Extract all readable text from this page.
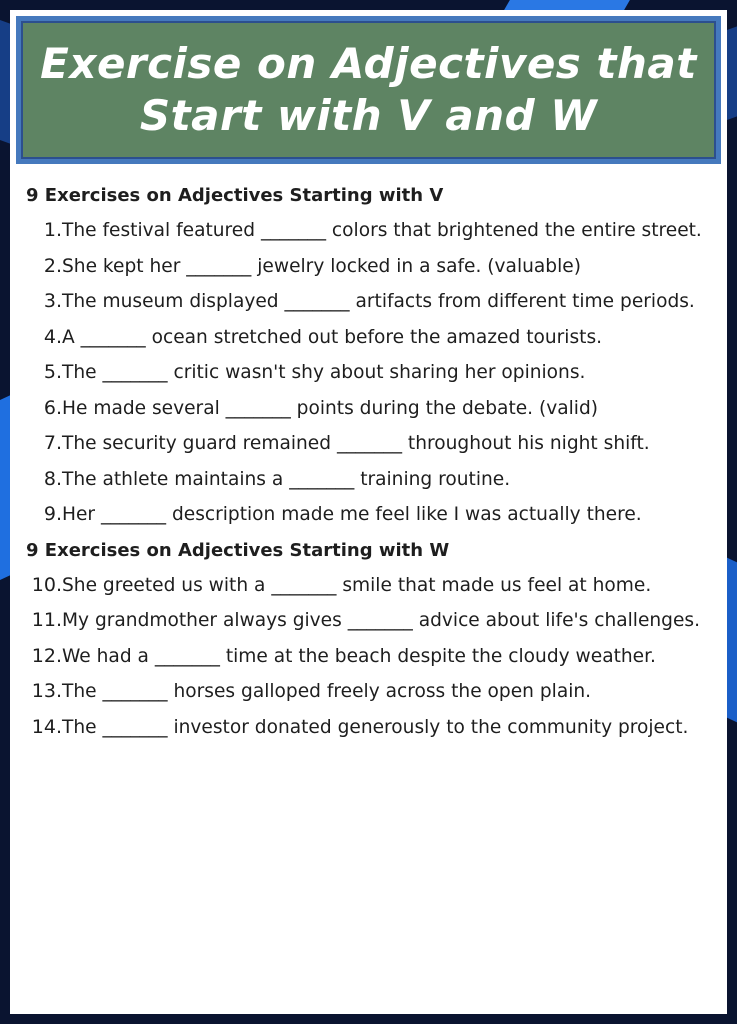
Exercise on Adjectives that Start with V and W
9 Exercises on Adjectives Starting with V
1. The festival featured _______ colors that brightened the entire street.
2. She kept her _______ jewelry locked in a safe. (valuable)
3. The museum displayed _______ artifacts from different time periods.
4. A _______ ocean stretched out before the amazed tourists.
5. The _______ critic wasn't shy about sharing her opinions.
6. He made several _______ points during the debate. (valid)
7. The security guard remained _______ throughout his night shift.
8. The athlete maintains a _______ training routine.
9. Her _______ description made me feel like I was actually there.
9 Exercises on Adjectives Starting with W
10. She greeted us with a _______ smile that made us feel at home.
11. My grandmother always gives _______ advice about life's challenges.
12. We had a _______ time at the beach despite the cloudy weather.
13. The _______ horses galloped freely across the open plain.
14. The _______ investor donated generously to the community project.
